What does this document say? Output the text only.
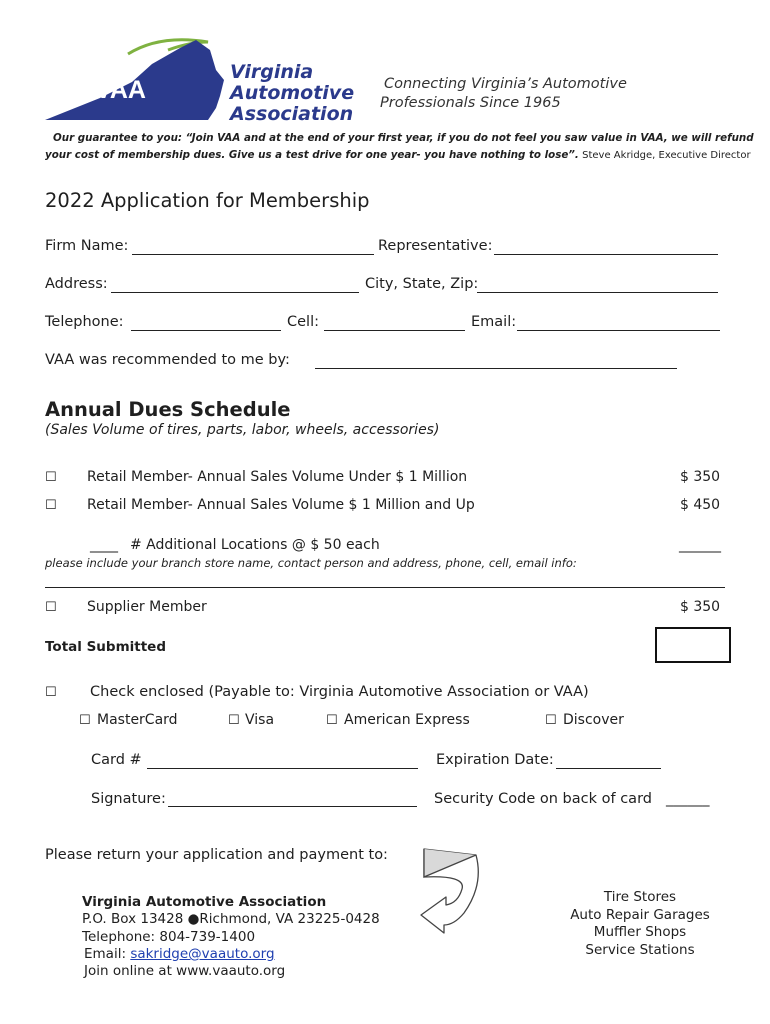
VAA
Virginia
Automotive
Association
Connecting Virginia’s Automotive
Professionals Since 1965
Our guarantee to you: “Join VAA and at the end of your first year, if you do not feel you saw value in VAA, we will refund
your cost of membership dues. Give us a test drive for one year- you have nothing to lose”. Steve Akridge, Executive Director
2022 Application for Membership
Firm Name:	Representative:
Address:	City, State, Zip:
Telephone:	Cell:	Email:
VAA was recommended to me by:
Annual Dues Schedule
(Sales Volume of tires, parts, labor, wheels, accessories)
☐ Retail Member- Annual Sales Volume Under $ 1 Million	$ 350
☐ Retail Member- Annual Sales Volume $ 1 Million and Up	$ 450
____ # Additional Locations @ $ 50 each	______
please include your branch store name, contact person and address, phone, cell, email info:
☐ Supplier Member	$ 350
Total Submitted
☐ Check enclosed (Payable to: Virginia Automotive Association or VAA)
☐ MasterCard	☐ Visa	☐ American Express	☐ Discover
Card #	Expiration Date:
Signature:	Security Code on back of card ______
Please return your application and payment to:
Virginia Automotive Association
P.O. Box 13428 ●Richmond, VA 23225-0428
Telephone: 804-739-1400
Email: sakridge@vaauto.org
Join online at www.vaauto.org
Tire Stores
Auto Repair Garages
Muffler Shops
Service Stations
